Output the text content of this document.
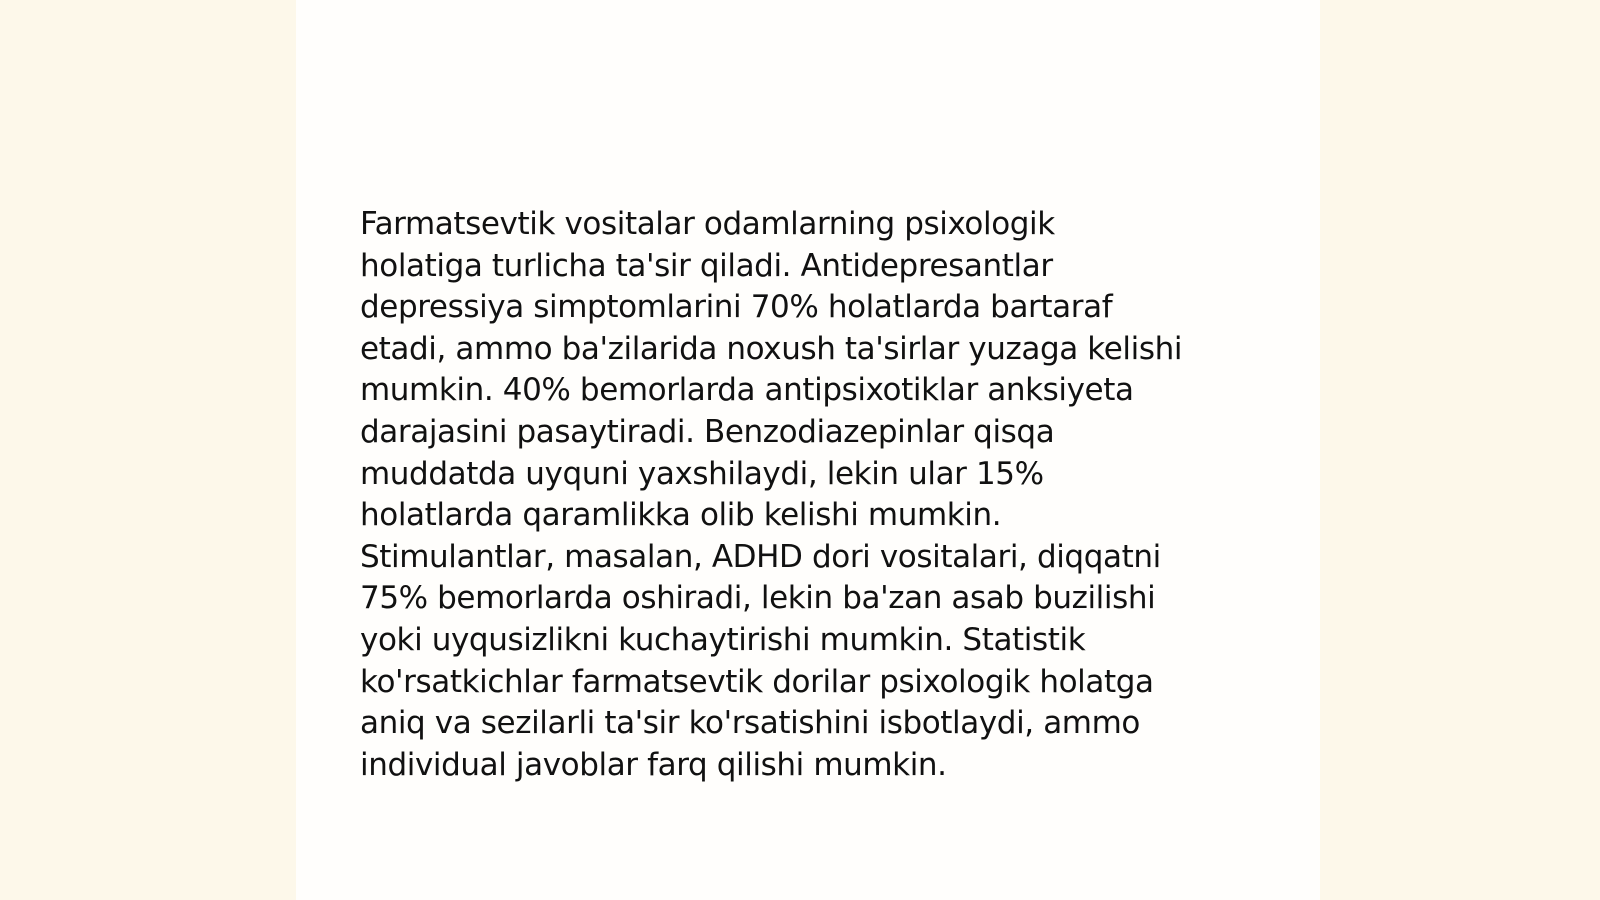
Farmatsevtik vositalar odamlarning psixologik
holatiga turlicha ta'sir qiladi. Antidepresantlar
depressiya simptomlarini 70% holatlarda bartaraf
etadi, ammo ba'zilarida noxush ta'sirlar yuzaga kelishi
mumkin. 40% bemorlarda antipsixotiklar anksiyeta
darajasini pasaytiradi. Benzodiazepinlar qisqa
muddatda uyquni yaxshilaydi, lekin ular 15%
holatlarda qaramlikka olib kelishi mumkin.
Stimulantlar, masalan, ADHD dori vositalari, diqqatni
75% bemorlarda oshiradi, lekin ba'zan asab buzilishi
yoki uyqusizlikni kuchaytirishi mumkin. Statistik
ko'rsatkichlar farmatsevtik dorilar psixologik holatga
aniq va sezilarli ta'sir ko'rsatishini isbotlaydi, ammo
individual javoblar farq qilishi mumkin.
